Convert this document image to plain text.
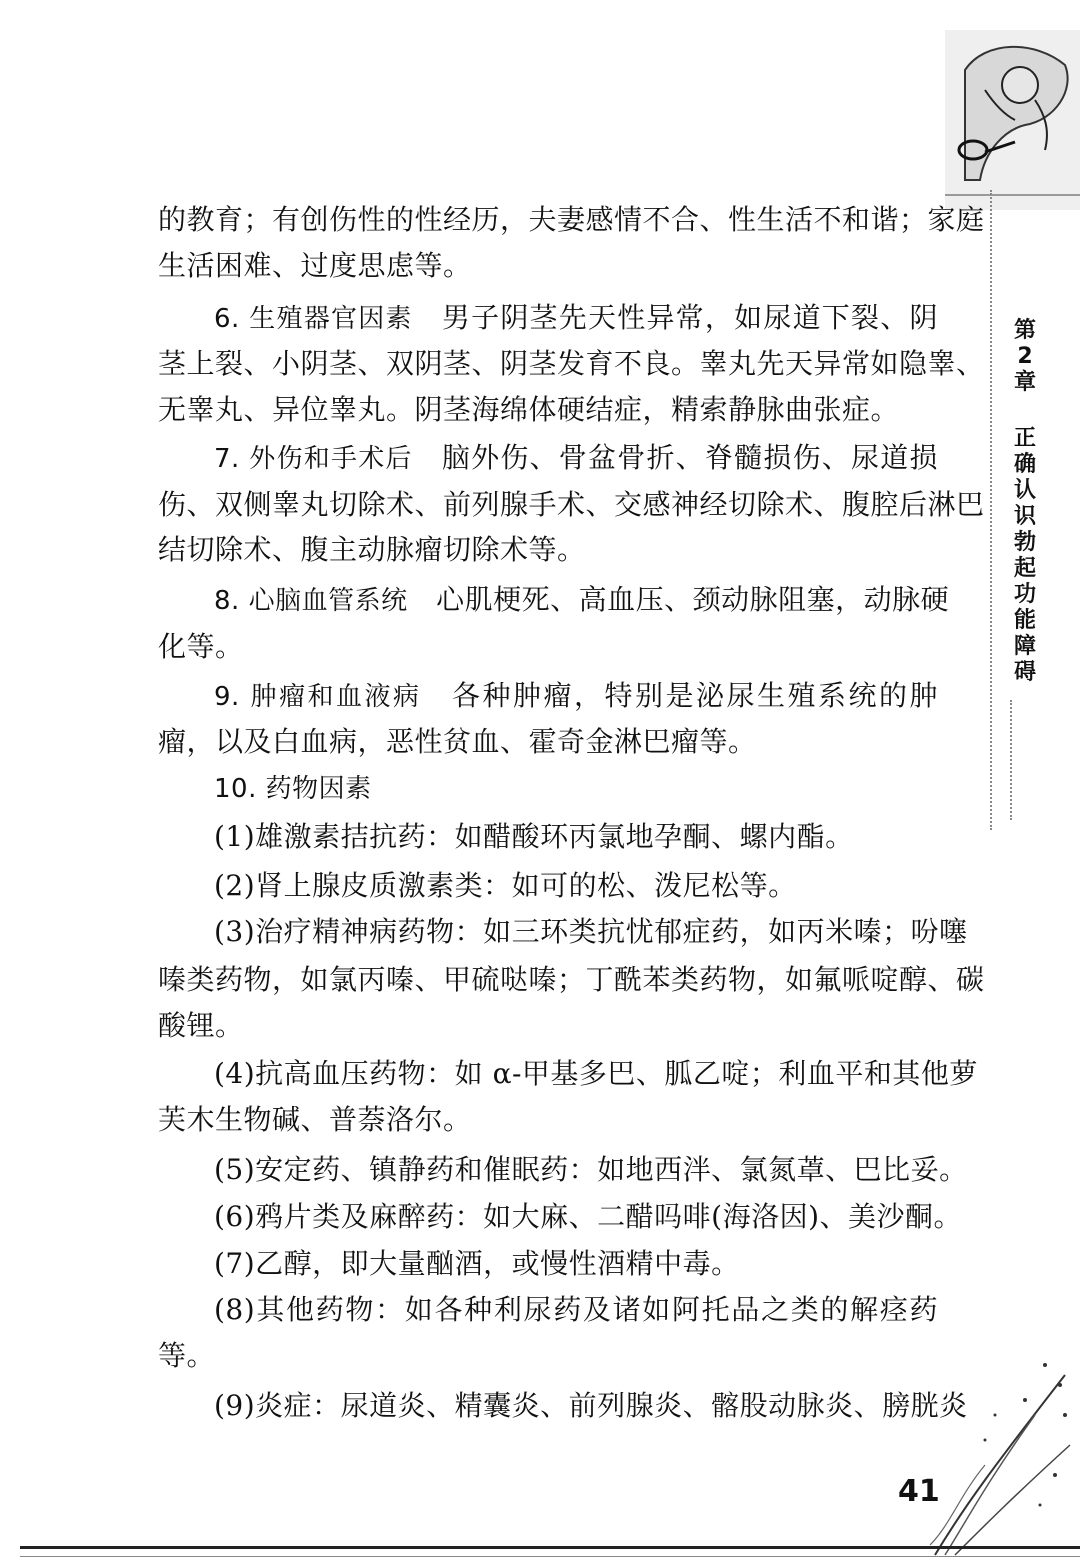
第
2
章
正
确
认
识
勃
起
功
能
障
碍
的教育；有创伤性的性经历，夫妻感情不合、性生活不和谐；家庭
生活困难、过度思虑等。
6. 生殖器官因素　男子阴茎先天性异常，如尿道下裂、阴
茎上裂、小阴茎、双阴茎、阴茎发育不良。睾丸先天异常如隐睾、
无睾丸、异位睾丸。阴茎海绵体硬结症，精索静脉曲张症。
7. 外伤和手术后　脑外伤、骨盆骨折、脊髓损伤、尿道损
伤、双侧睾丸切除术、前列腺手术、交感神经切除术、腹腔后淋巴
结切除术、腹主动脉瘤切除术等。
8. 心脑血管系统　心肌梗死、高血压、颈动脉阻塞，动脉硬
化等。
9. 肿瘤和血液病　各种肿瘤，特别是泌尿生殖系统的肿
瘤，以及白血病，恶性贫血、霍奇金淋巴瘤等。
10. 药物因素
(1)雄激素拮抗药：如醋酸环丙氯地孕酮、螺内酯。
(2)肾上腺皮质激素类：如可的松、泼尼松等。
(3)治疗精神病药物：如三环类抗忧郁症药，如丙米嗪；吩噻
嗪类药物，如氯丙嗪、甲硫哒嗪；丁酰苯类药物，如氟哌啶醇、碳
酸锂。
(4)抗高血压药物：如 α-甲基多巴、胍乙啶；利血平和其他萝
芙木生物碱、普萘洛尔。
(5)安定药、镇静药和催眠药：如地西泮、氯氮䓬、巴比妥。
(6)鸦片类及麻醉药：如大麻、二醋吗啡(海洛因)、美沙酮。
(7)乙醇，即大量酗酒，或慢性酒精中毒。
(8)其他药物：如各种利尿药及诸如阿托品之类的解痉药
等。
(9)炎症：尿道炎、精囊炎、前列腺炎、髂股动脉炎、膀胱炎
41
